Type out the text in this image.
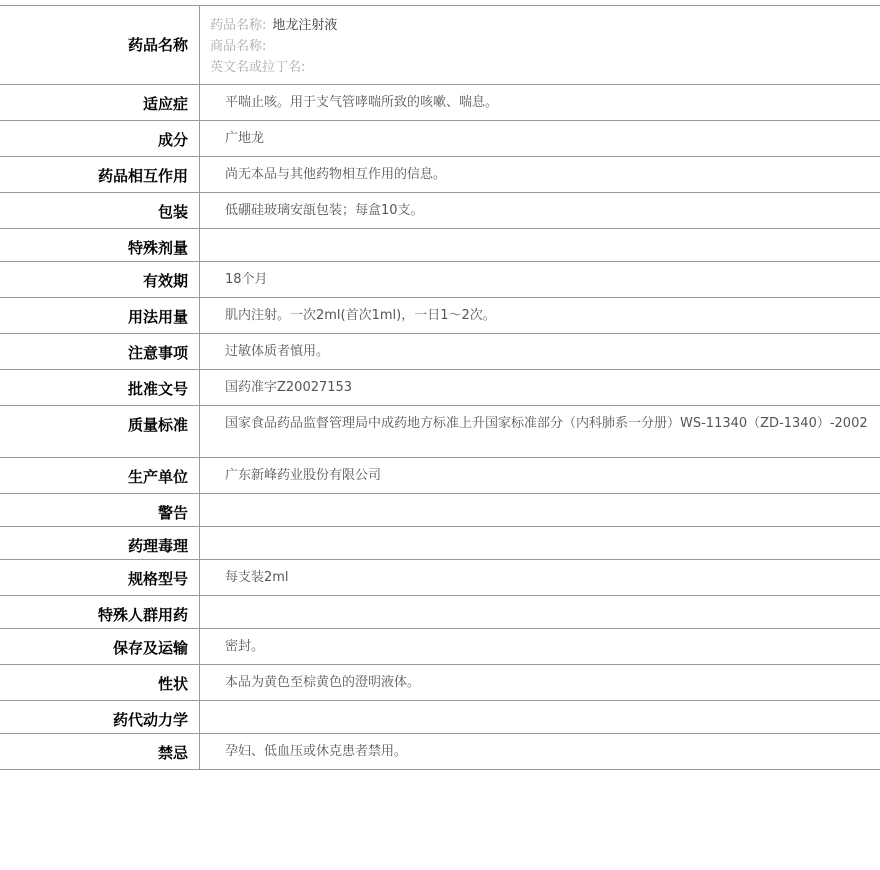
药品名称
药品名称: 地龙注射液
商品名称:
英文名或拉丁名:
适应症	平喘止咳。用于支气管哮喘所致的咳嗽、喘息。
成分	广地龙
药品相互作用	尚无本品与其他药物相互作用的信息。
包装	低硼硅玻璃安瓿包装；每盒10支。
特殊剂量
有效期	18个月
用法用量	肌内注射。一次2ml(首次1ml)，一日1～2次。
注意事项	过敏体质者慎用。
批准文号	国药准字Z20027153
质量标准	国家食品药品监督管理局中成药地方标准上升国家标准部分（内科肺系一分册）WS-11340（ZD-1340）-2002
生产单位	广东新峰药业股份有限公司
警告
药理毒理
规格型号	每支装2ml
特殊人群用药
保存及运输	密封。
性状	本品为黄色至棕黄色的澄明液体。
药代动力学
禁忌	孕妇、低血压或休克患者禁用。
